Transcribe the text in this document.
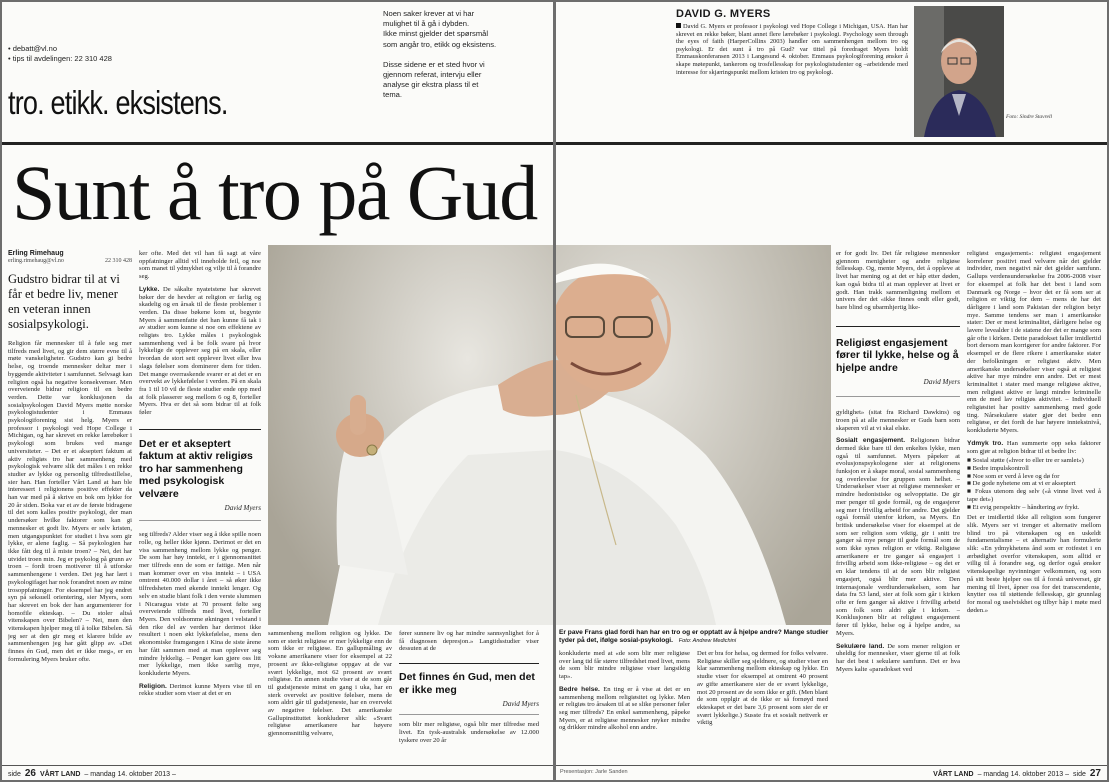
• debatt@vl.no
• tips til avdelingen: 22 310 428
tro. etikk. eksistens.
Noen saker krever at vi har
mulighet til å gå i dybden.
Ikke minst gjelder det spørsmål
som angår tro, etikk og eksistens.
Disse sidene er et sted hvor vi
gjennom referat, intervju eller
analyse gir ekstra plass til et
tema.
Sunt å tro på Gud
Erling Rimehaug
erling.rimehaug@vl.no	22 310 428
Gudstro bidrar til at vi får et bedre liv, mener en veteran innen sosialpsykologi.
Religion får mennesker til å føle seg mer tilfreds med livet, og gir dem større evne til å møte vanskeligheter. Gudstro kan gi bedre helse, og troende mennesker deltar mer i byggende aktiviteter i samfunnet. Selvsagt kan religion også ha negative konsekvenser. Men overveiende bidrar religion til en bedre verden. Dette var konklusjonen da sosialpsykologen David Myers møtte norske psykologistudenter i Emmaus psykologiforening sist helg. Myers er professor i psykologi ved Hope College i Michigan, og har skrevet en rekke lærebøker i psykologi som brukes ved mange universiteter. – Det er et akseptert faktum at aktiv religiøs tro har sammenheng med psykologisk velvære slik det måles i en rekke studier av lykke og personlig tilfredsstillelse, sier han. Han forteller Vårt Land at han ble interessert i religionens positive effekter da han var med på å skrive en bok om lykke for 20 år siden. Boka var et av de første bidragene til det som kalles positiv psykologi, der man undersøker hvilke faktorer som kan gi mennesker et godt liv. Myers er selv kristen, men utgangspunktet for studiet i hva som gir lykke, er alene faglig. – Så psykologien har ikke fått deg til å miste troen? – Nei, det har utvidet troen min. Jeg er psykolog på grunn av troen – fordi troen motiverer til å utforske sammenhengene i verden. Det jeg har lært i psykologifaget har nok forandret noen av mine trosoppfatninger. For eksempel har jeg endret syn på seksuell orientering, sier Myers, som har skrevet en bok der han argumenterer for homofile ekteskap. – Du stoler altså vitenskapen over Bibelen? – Nei, men den vitenskapen hjelper meg til å tolke Bibelen. Så jeg ser at den gir meg et klarere bilde av sammenhengen jeg har gått glipp av. «Det finnes én Gud, men det er ikke meg», er en formulering Myers bruker ofte.
ker ofte. Med det vil han få sagt at våre oppfatninger alltid vil inneholde feil, og noe som manet til ydmykhet og vilje til å forandre seg.
Lykke. De såkalte nyateistene har skrevet bøker der de hevder at religion er farlig og skadelig og en årsak til de fleste problemer i verden. Da disse bøkene kom ut, begynte Myers å sammenfatte det han kunne få tak i av studier som kunne si noe om effektene av religiøs tro. Lykke måles i psykologisk sammenheng ved å be folk svare på hvor lykkelige de opplever seg på en skala, eller hvordan de stort sett opplever livet eller hva slags følelser som dominerer dem for tiden. Det mange overraskende svarer er at det er en overvekt av lykkefølelse i verden. På en skala fra 1 til 10 vil de fleste studier ende opp med at folk plasserer seg mellom 6 og 8, forteller Myers. Hva er det så som bidrar til at folk føler
Det er et akseptert faktum at aktiv religiøs tro har sammenheng med psykologisk velvære
David Myers
seg tilfreds? Alder viser seg å ikke spille noen rolle, og heller ikke kjønn. Derimot er det en viss sammenheng mellom lykke og penger. De som har høy inntekt, er i gjennomsnittet mer tilfreds enn de som er fattige. Men når man kommer over en viss inntekt – i USA omtrent 40.000 dollar i året – så øker ikke tilfredsheten med økende inntekt lenger. Og selv en studie blant folk i den verste slummen i Nicaragua viste at 70 prosent følte seg overveiende tilfreds med livet, forteller Myers. Den voldsomme økningen i velstand i den rike del av verden har derimot ikke resultert i noen økt lykkefølelse, mens den økonomiske framgangen i Kina de siste årene har fått sammen med at man opplever seg mindre lykkelig. – Penger kan gjøre oss litt mer lykkelige, men ikke særlig mye, konkluderte Myers.
Religion. Derimot kunne Myers vise til en rekke studier som viser at det er en
sammenheng mellom religion og lykke. De som er sterkt religiøse er mer lykkelige enn de som ikke er religiøse. En gallupmåling av voksne amerikanere viser for eksempel at 22 prosent av ikke-religiøse oppgav at de var svært lykkelige, mot 62 prosent av svært religiøse. En annen studie viser at de som går til gudstjeneste minst en gang i uka, har en sterk overvekt av positive følelser, mens de som aldri går til gudstjeneste, har en overvekt av negative følelser. Det amerikanske Gallupinstituttet konkluderer slik: «Svært religiøse amerikanere har høyere gjennomsnittlig velvære,
fører sunnere liv og har mindre sannsynlighet for å få diagnosen depresjon.» Langtidsstudier viser dessuten at de
Det finnes én Gud, men det er ikke meg
David Myers
som blir mer religiøse, også blir mer tilfredse med livet. En tysk-australsk undersøkelse av 12.000 tyskere over 20 år
side 26 VÅRT LAND – mandag 14. oktober 2013 –
DAVID G. MYERS
David G. Myers er professor i psykologi ved Hope College i Michigan, USA. Han har skrevet en rekke bøker, blant annet flere lærebøker i psykologi. Psychology seen through the eyes of faith (HarperCollins 2003) handler om sammenhengen mellom tro og psykologi. Er det sunt å tro på Gud? var tittel på foredraget Myers holdt Emmauskonferansen 2013 i Langesund 4. oktober. Emmaus psykologiforening ønsker å skape møtepunkt, tankerom og trosfellesskap for psykologistudenter og –arbeidende med interesse for skjæringspunkt mellom kristen tro og psykologi.
Foto: Sindre Stavrell
er for godt liv. Det får religiøse mennesker gjennom menigheter og andre religiøse fellesskap. Og, mente Myers, det å oppleve at livet har mening og at det er håp etter døden, kan også bidra til at man opplever at livet er godt. Han trakk sammenligning mellom et univers der det «ikke finnes ondt eller godt, bare blind og ubarmhjertig like-
Religiøst engasjement fører til lykke, helse og å hjelpe andre
David Myers
gyldighet» (sitat fra Richard Dawkins) og troen på at alle mennesker er Guds barn som skaperen vil at vi skal elske.
Sosialt engasjement. Religionen bidrar dermed ikke bare til den enkeltes lykke, men også til samfunnet. Myers påpeker at evolusjonspsykologene sier at religionens funksjon er å skape moral, sosial sammenheng og overlevelse for gruppen som helhet. – Undersøkelser viser at religiøse mennesker er mindre hedonistiske og selvopptatte. De gir mer penger til gode formål, og de engasjerer seg mer i frivillig arbeid for andre. Det gjelder også formål utenfor kirken, sa Myers. En britisk undersøkelse viser for eksempel at de som ser religion som viktig, gir i snitt tre ganger så mye penger til gode formål som de som ikke synes religion er viktig. Religiøse amerikanere er tre ganger så engasjert i frivillig arbeid som ikke-religiøse – og det er en klar tendens til at de som blir religiøst engasjert, også blir mer aktive. Den internasjonale verdiundersøkelsen, som har data fra 53 land, sier at folk som går i kirken ofte er fem ganger så aktive i frivillig arbeid som folk som aldri går i kirken. – Konklusjonen blir at religiøst engasjement fører til lykke, helse og å hjelpe andre, sa Myers.
Sekulære land. De som mener religion er uheldig for mennesker, viser gjerne til at folk har det best i sekulære samfunn. Det er hva Myers kalte «paradokset ved
religiøst engasjement»: religiøst engasjement korrelerer positivt med velvære når det gjelder individer, men negativt når det gjelder samfunn. Gallups verdensundersøkelse fra 2006-2008 viser for eksempel at folk har det best i land som Danmark og Norge – hvor det er få som ser at religion er viktig for dem – mens de har det dårligere i land som Pakistan der religion betyr mye. Samme tendens ser man i amerikanske stater: Der er mest kriminalitet, dårligere helse og lavere levealder i de statene der det er mange som går ofte i kirken. Dette paradokset faller imidlertid bort dersom man korrigerer for andre faktorer. For eksempel er de flere rikere i amerikanske stater der befolkningen er religiøst aktiv. Men amerikanske undersøkelser viser også at religiøst aktive har mye mindre enn andre. Det er mest kriminalitet i stater med mange religiøse aktive, men religiøst aktive er langt mindre kriminelle enn de med lav religiøs aktivitet. – Individuell religiøsitet har positiv sammenheng med gode ting. Nårsekulære stater gjør det bedre enn religiøse, er det fordi de har høyere inntekstnivå, konkluderte Myers.
Ydmyk tro. Han summerte opp seks faktorer som gjør at religion bidrar til et bedre liv:
■ Sosial støtte («hvor to eller tre er samlet»)
■ Bedre impulskontroll
■ Noe som er verd å leve og dø for
■ De gode nyhetene om at vi er akseptert
■ Fokus utenom deg selv («å vinne livet ved å tape det»)
■ Et evig perspektiv – håndtering av frykt.
Det er imidlertid ikke all religion som fungerer slik. Myers ser vi trenger et alternativ mellom blind tro på vitenskapen og en uskeldt fundamentalisme – et alternativ han formulerte slik: «En ydmykhetens ånd som er rotfestet i en ærbødighet overfor vitenskapen, som alltid er villig til å forandre seg, og derfor også ønsker vitenskapelige nyvinninger velkommen, og som på sitt beste hjelper oss til å forstå universet, gir mening til livet, åpner oss for det transcendente, knytter oss til støttende fellesskap, gir grunnlag for moral og uselviskhet og tilbyr håp i møte med døden.»
Er pave Frans glad fordi han har en tro og er opptatt av å hjelpe andre? Mange studier tyder på det, ifølge sosial-psykologi. Foto: Andrew Medichini
konkluderte med at «de som blir mer religiøse over lang tid får større tilfredshet med livet, mens de som blir mindre religiøse viser langsiktig tap».
Bedre helse. En ting er å vise at det er en sammenheng mellom religiøsitet og lykke. Men er religiøs tro årsaken til at se slike personer føler seg mer tilfreds? En enkel sammenheng, påpeke Myers, er at religiøse mennesker røyker mindre og drikker mindre alkohol enn andre.
Det er bra for helsa, og dermed for folks velvære. Religiøse skiller seg sjeldnere, og studier viser en klar sammenheng mellom ekteskap og lykke. En studie viser for eksempel at omtrent 40 prosent av gifte amerikanere sier de er svært lykkelige, mot 20 prosent av de som ikke er gift. (Men blant de som opplgir at de ikke er så fornøyd med ekteskapet er det bare 3,6 prosent som sier de er svært lykkelige.) Susste fra et sosialt nettverk er viktig
Presentasjon: Jarle Sanden	VÅRT LAND – mandag 14. oktober 2013 – side 27
